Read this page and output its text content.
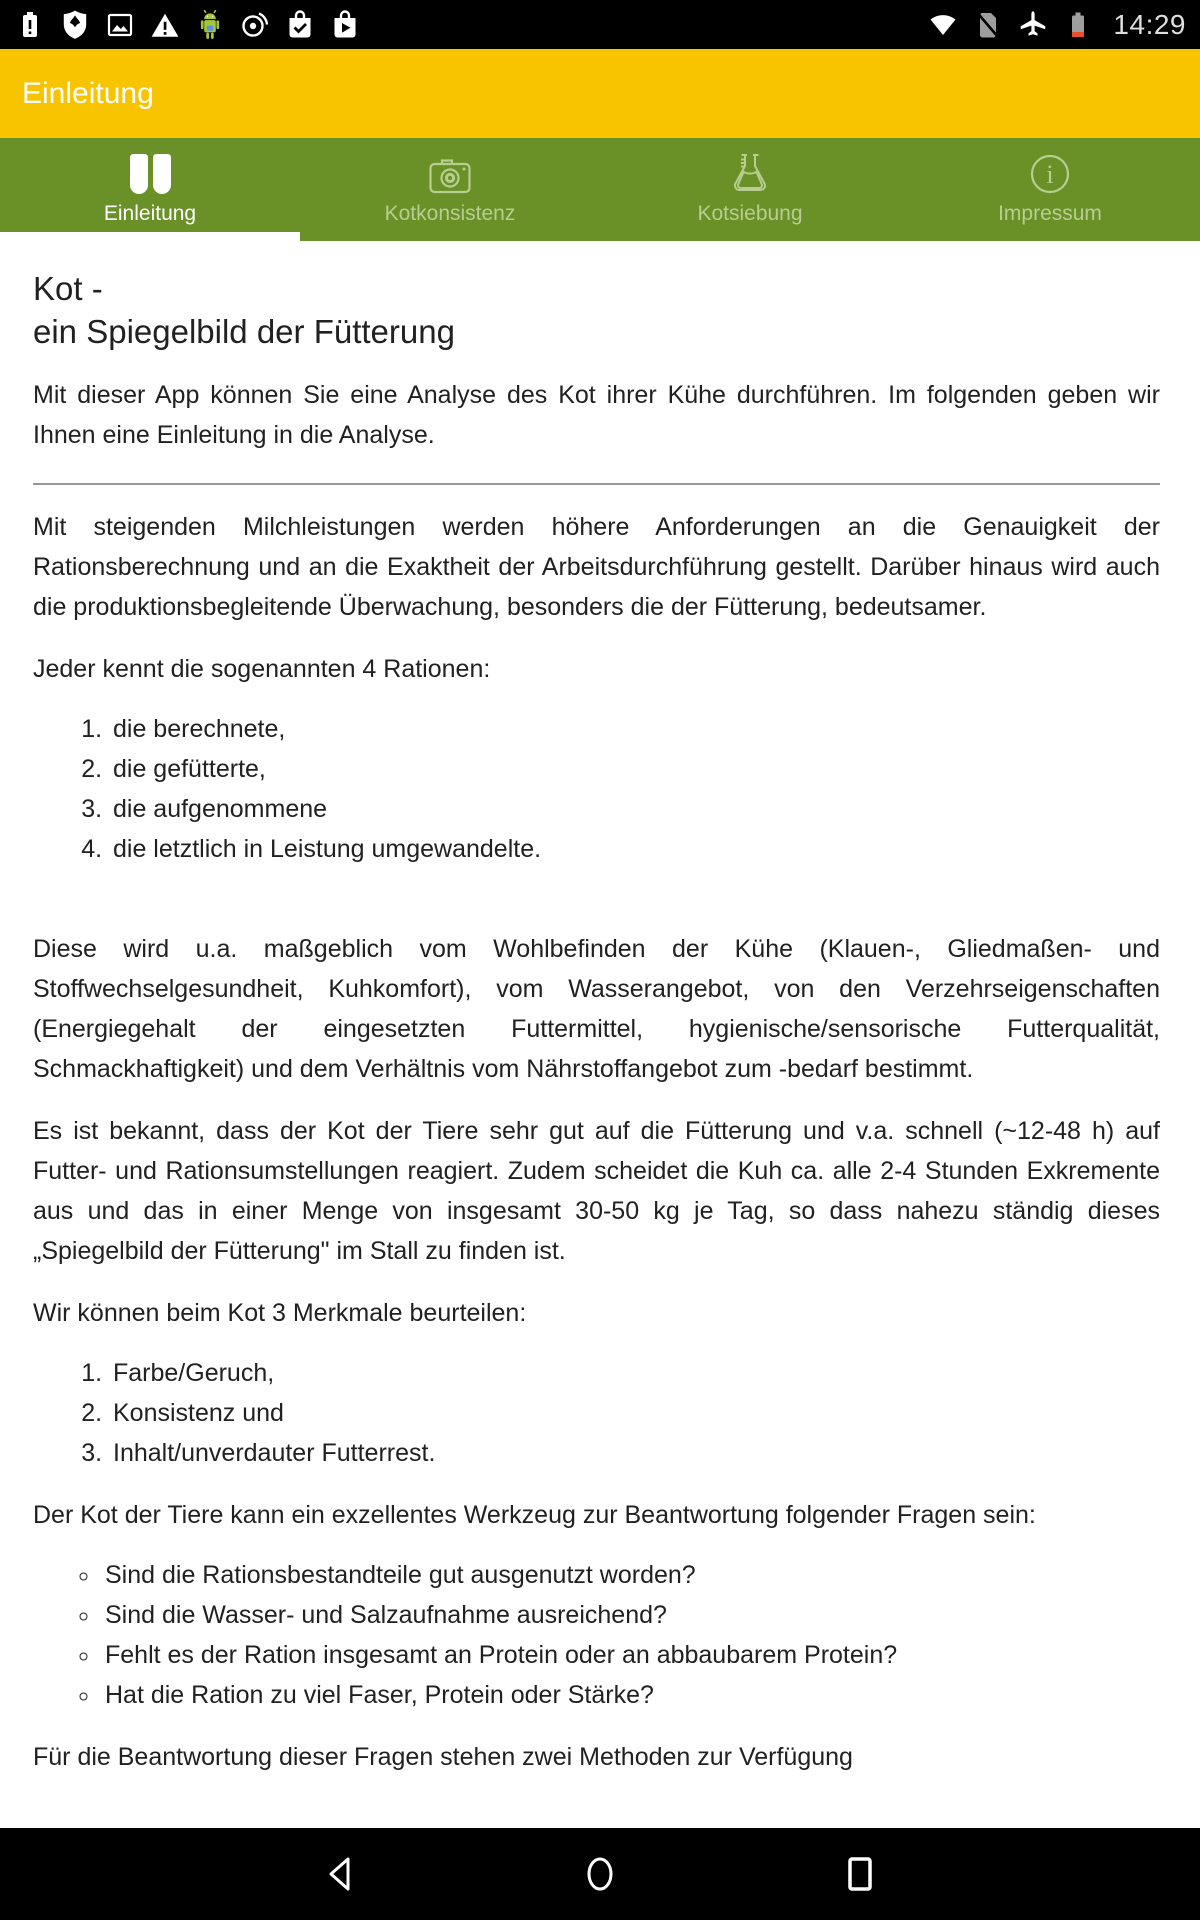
14:29
Einleitung
Einleitung	Kotkonsistenz	Kotsiebung
i
Impressum
Kot -
ein Spiegelbild der Fütterung

Mit dieser App können Sie eine Analyse des Kot ihrer Kühe durchführen. Im folgenden geben wir Ihnen eine Einleitung in die Analyse.

Mit steigenden Milchleistungen werden höhere Anforderungen an die Genauigkeit der Rationsberechnung und an die Exaktheit der Arbeitsdurchführung gestellt. Darüber hinaus wird auch die produktionsbegleitende Überwachung, besonders die der Fütterung, bedeutsamer.

Jeder kennt die sogenannten 4 Rationen:

1. die berechnete,
2. die gefütterte,
3. die aufgenommene
4. die letztlich in Leistung umgewandelte.

Diese wird u.a. maßgeblich vom Wohlbefinden der Kühe (Klauen-, Gliedmaßen- und Stoffwechselgesundheit, Kuhkomfort), vom Wasserangebot, von den Verzehrseigenschaften (Energiegehalt der eingesetzten Futtermittel, hygienische/sensorische Futterqualität, Schmackhaftigkeit) und dem Verhältnis vom Nährstoffangebot zum -bedarf bestimmt.

Es ist bekannt, dass der Kot der Tiere sehr gut auf die Fütterung und v.a. schnell (~12-48 h) auf Futter- und Rationsumstellungen reagiert. Zudem scheidet die Kuh ca. alle 2-4 Stunden Exkremente aus und das in einer Menge von insgesamt 30-50 kg je Tag, so dass nahezu ständig dieses „Spiegelbild der Fütterung" im Stall zu finden ist.

Wir können beim Kot 3 Merkmale beurteilen:

1. Farbe/Geruch,
2. Konsistenz und
3. Inhalt/unverdauter Futterrest.

Der Kot der Tiere kann ein exzellentes Werkzeug zur Beantwortung folgender Fragen sein:

◦ Sind die Rationsbestandteile gut ausgenutzt worden?
◦ Sind die Wasser- und Salzaufnahme ausreichend?
◦ Fehlt es der Ration insgesamt an Protein oder an abbaubarem Protein?
◦ Hat die Ration zu viel Faser, Protein oder Stärke?

Für die Beantwortung dieser Fragen stehen zwei Methoden zur Verfügung
